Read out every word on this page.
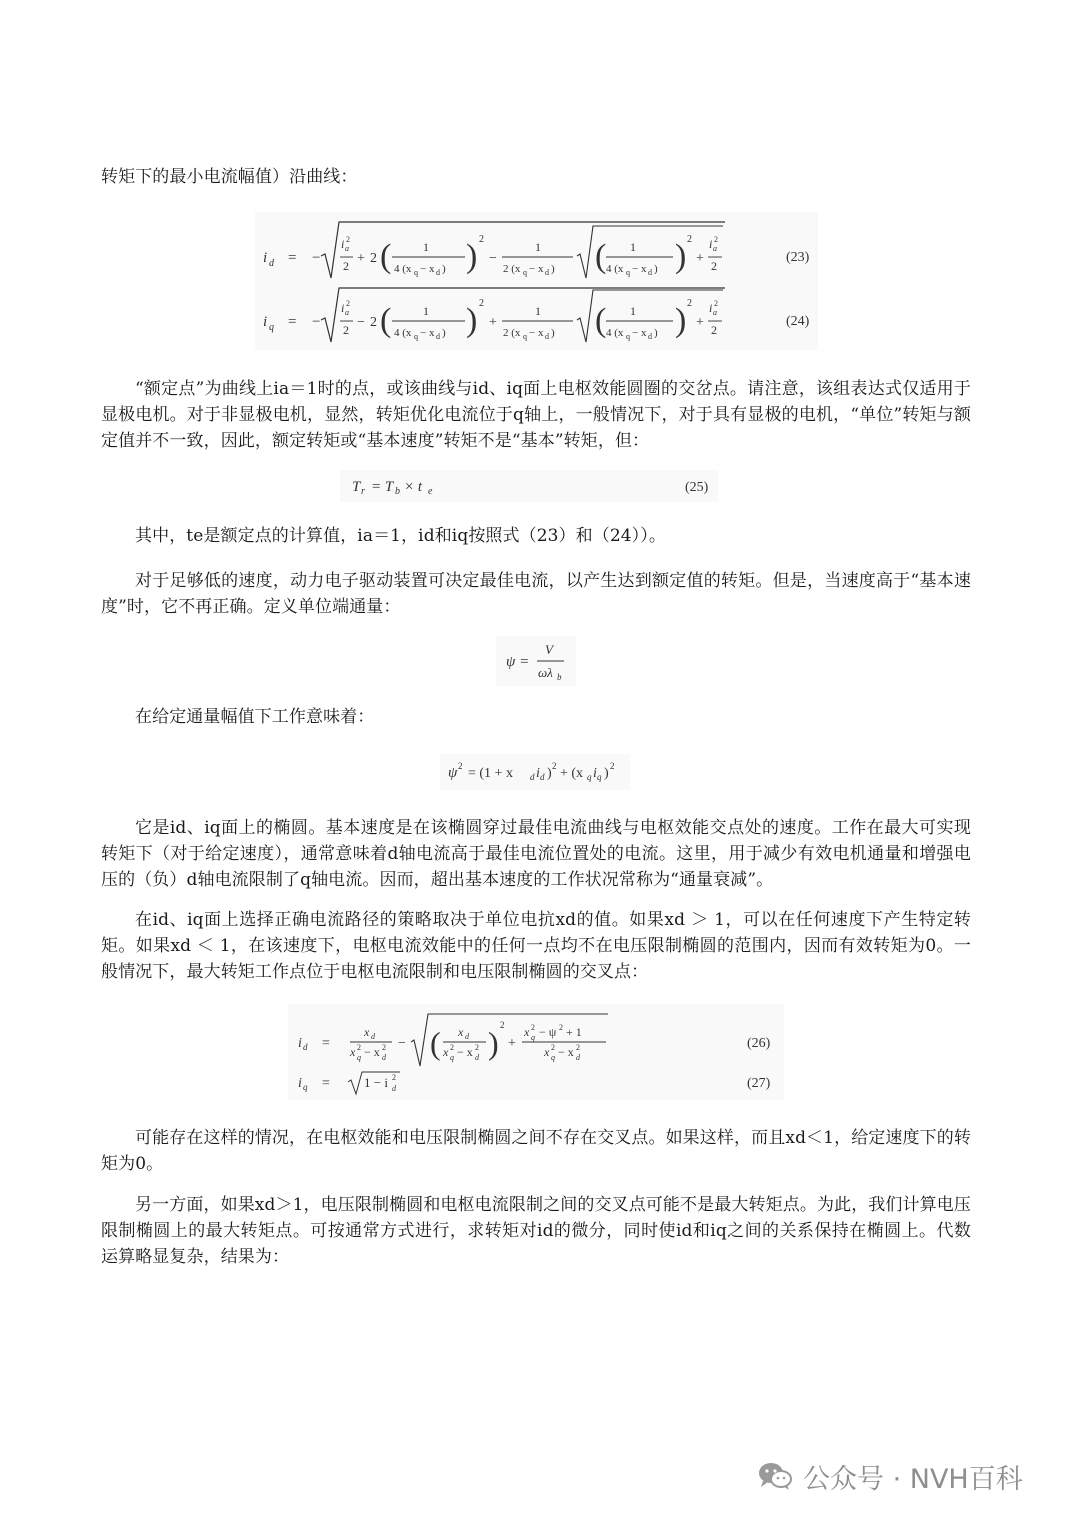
转矩下的最小电流幅值）沿曲线：

i d = −
i a
2
2 + 2 (	1
4 (x q − x d ) ) 2
−
1
2 (x q − x d ) ( 1
4 (x q − x d ) ) 2
+
i a
2
2
(23)
i q = −
i a
2
2 − 2 (	1
4 (x q − x d ) ) 2
+
1
2 (x q − x d ) ( 1
4 (x q − x d ) ) 2
+
i a
2
2
(24)

“额定点”为曲线上ia＝1时的点，或该曲线与id、iq面上电枢效能圆圈的交岔点。请注意，该组表达式仅适用于显极电机。对于非显极电机，显然，转矩优化电流位于q轴上，一般情况下，对于具有显极的电机，“单位”转矩与额定值并不一致，因此，额定转矩或“基本速度”转矩不是“基本”转矩，但：

T r = T b × t e	(25)

其中，te是额定点的计算值，ia＝1，id和iq按照式（23）和（24））。

对于足够低的速度，动力电子驱动装置可决定最佳电流，以产生达到额定值的转矩。但是，当速度高于“基本速度”时，它不再正确。定义单位端通量：

ψ =
V
ωλ b

在给定通量幅值下工作意味着：

ψ 2 = (1 + x d i d ) 2 + (x q i q ) 2

它是id、iq面上的椭圆。基本速度是在该椭圆穿过最佳电流曲线与电枢效能交点处的速度。工作在最大可实现转矩下（对于给定速度），通常意味着d轴电流高于最佳电流位置处的电流。这里，用于减少有效电机通量和增强电压的（负）d轴电流限制了q轴电流。因而，超出基本速度的工作状况常称为“通量衰减”。

在id、iq面上选择正确电流路径的策略取决于单位电抗xd的值。如果xd ＞ 1，可以在任何速度下产生特定转矩。如果xd ＜ 1，在该速度下，电枢电流效能中的任何一点均不在电压限制椭圆的范围内，因而有效转矩为0。一般情况下，最大转矩工作点位于电枢电流限制和电压限制椭圆的交叉点：

i d =
x d
x 2
q − x 2
d
− ( x d
x 2
q − x 2
d ) 2
+
x 2
q − ψ 2 + 1
x 2
q − x 2
d
(26)
i q =	1 − i 2
d	(27)

可能存在这样的情况，在电枢效能和电压限制椭圆之间不存在交叉点。如果这样，而且xd＜1，给定速度下的转矩为0。

另一方面，如果xd＞1，电压限制椭圆和电枢电流限制之间的交叉点可能不是最大转矩点。为此，我们计算电压限制椭圆上的最大转矩点。可按通常方式进行，求转矩对id的微分，同时使id和iq之间的关系保持在椭圆上。代数运算略显复杂，结果为：

公众号 · NVH百科
